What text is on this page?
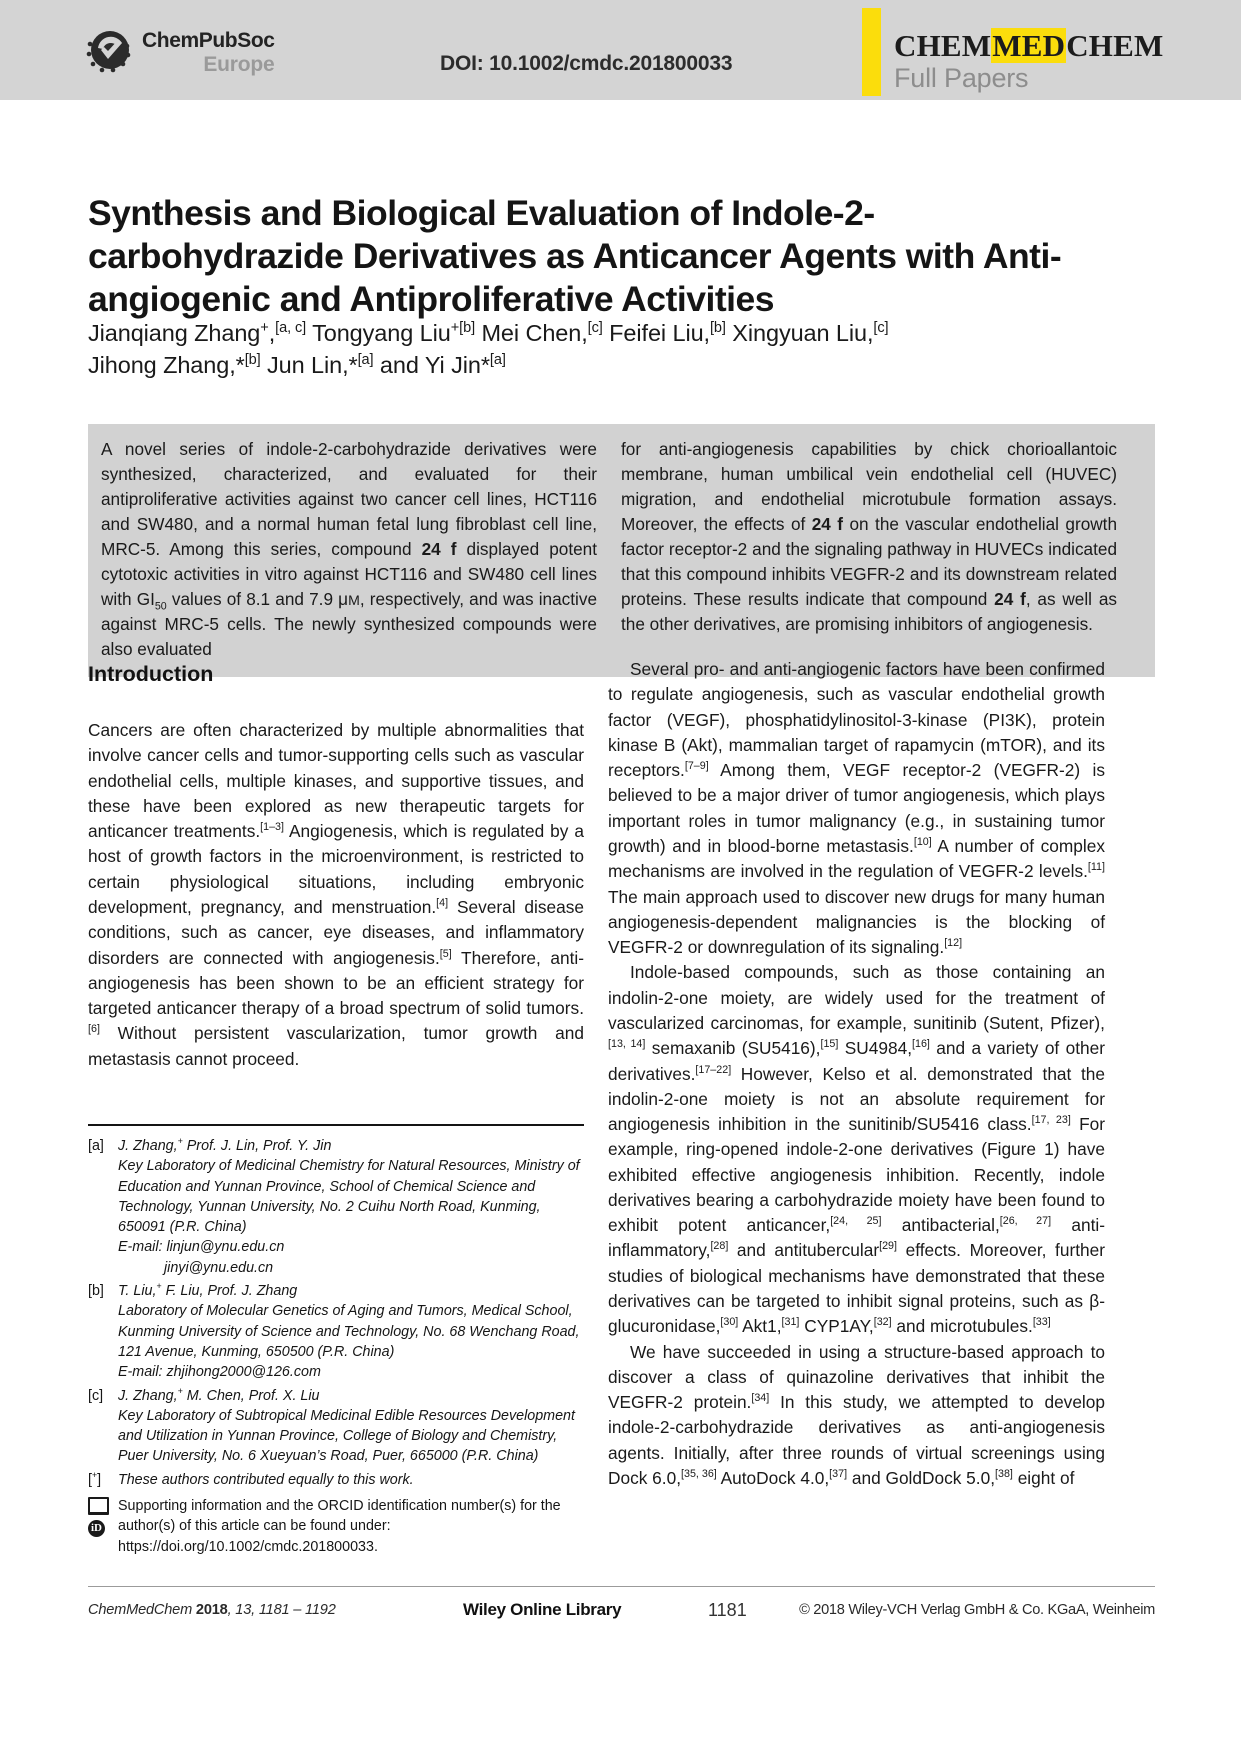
ChemPubSoc
Europe	DOI: 10.1002/cmdc.201800033
CHEMMEDCHEM
Full Papers
Synthesis and Biological Evaluation of Indole-2-carbohydrazide Derivatives as Anticancer Agents with Anti-angiogenic and Antiproliferative Activities
Jianqiang Zhang+,[a, c] Tongyang Liu$^{+[b]}$ Mei Chen,[c] Feifei Liu,[b] Xingyuan Liu,[c]
Jihong Zhang,*[b] Jun Lin,*[a] and Yi Jin*[a]
A novel series of indole-2-carbohydrazide derivatives were synthesized, characterized, and evaluated for their antiproliferative activities against two cancer cell lines, HCT116 and SW480, and a normal human fetal lung fibroblast cell line, MRC-5. Among this series, compound 24 f displayed potent cytotoxic activities in vitro against HCT116 and SW480 cell lines with $GI_{50}$ values of 8.1 and 7.9 μM, respectively, and was inactive against MRC-5 cells. The newly synthesized compounds were also evaluated
for anti-angiogenesis capabilities by chick chorioallantoic membrane, human umbilical vein endothelial cell (HUVEC) migration, and endothelial microtubule formation assays. Moreover, the effects of 24 f on the vascular endothelial growth factor receptor-2 and the signaling pathway in HUVECs indicated that this compound inhibits VEGFR-2 and its downstream related proteins. These results indicate that compound 24 f, as well as the other derivatives, are promising inhibitors of angiogenesis.
Introduction

Cancers are often characterized by multiple abnormalities that involve cancer cells and tumor-supporting cells such as vascular endothelial cells, multiple kinases, and supportive tissues, and these have been explored as new therapeutic targets for anticancer treatments.[1–3] Angiogenesis, which is regulated by a host of growth factors in the microenvironment, is restricted to certain physiological situations, including embryonic development, pregnancy, and menstruation.[4] Several disease conditions, such as cancer, eye diseases, and inflammatory disorders are connected with angiogenesis.[5] Therefore, anti-angiogenesis has been shown to be an efficient strategy for targeted anticancer therapy of a broad spectrum of solid tumors.[6] Without persistent vascularization, tumor growth and metastasis cannot proceed.

Several pro- and anti-angiogenic factors have been confirmed to regulate angiogenesis, such as vascular endothelial growth factor (VEGF), phosphatidylinositol-3-kinase (PI3K), protein kinase B (Akt), mammalian target of rapamycin (mTOR), and its receptors.[7–9] Among them, VEGF receptor-2 (VEGFR-2) is believed to be a major driver of tumor angiogenesis, which plays important roles in tumor malignancy (e.g., in sustaining tumor growth) and in blood-borne metastasis.[10] A number of complex mechanisms are involved in the regulation of VEGFR-2 levels.[11] The main approach used to discover new drugs for many human angiogenesis-dependent malignancies is the blocking of VEGFR-2 or downregulation of its signaling.[12]

Indole-based compounds, such as those containing an indolin-2-one moiety, are widely used for the treatment of vascularized carcinomas, for example, sunitinib (Sutent, Pfizer),[13, 14] semaxanib (SU5416),[15] SU4984,[16] and a variety of other derivatives.[17–22] However, Kelso et al. demonstrated that the indolin-2-one moiety is not an absolute requirement for angiogenesis inhibition in the sunitinib/SU5416 class.[17, 23] For example, ring-opened indole-2-one derivatives (Figure 1) have exhibited effective angiogenesis inhibition. Recently, indole derivatives bearing a carbohydrazide moiety have been found to exhibit potent anticancer,[24, 25] antibacterial,[26, 27] anti-inflammatory,[28] and antitubercular[29] effects. Moreover, further studies of biological mechanisms have demonstrated that these derivatives can be targeted to inhibit signal proteins, such as β-glucuronidase,[30] Akt1,[31] CYP1AY,[32] and microtubules.[33]

We have succeeded in using a structure-based approach to discover a class of quinazoline derivatives that inhibit the VEGFR-2 protein.[34] In this study, we attempted to develop indole-2-carbohydrazide derivatives as anti-angiogenesis agents. Initially, after three rounds of virtual screenings using Dock 6.0,[35, 36] AutoDock 4.0,[37] and GoldDock 5.0,[38] eight of

[a] J. Zhang,+ Prof. J. Lin, Prof. Y. Jin
Key Laboratory of Medicinal Chemistry for Natural Resources, Ministry of Education and Yunnan Province, School of Chemical Science and Technology, Yunnan University, No. 2 Cuihu North Road, Kunming, 650091 (P.R. China)
E-mail: linjun@ynu.edu.cn
jinyi@ynu.edu.cn
[b] T. Liu,+ F. Liu, Prof. J. Zhang
Laboratory of Molecular Genetics of Aging and Tumors, Medical School, Kunming University of Science and Technology, No. 68 Wenchang Road, 121 Avenue, Kunming, 650500 (P.R. China)
E-mail: zhjihong2000@126.com
[c]	J. Zhang,+ M. Chen, Prof. X. Liu
Key Laboratory of Subtropical Medicinal Edible Resources Development and Utilization in Yunnan Province, College of Biology and Chemistry, Puer University, No. 6 Xueyuan’s Road, Puer, 665000 (P.R. China)
[+]	These authors contributed equally to this work.
iD
Supporting information and the ORCID identification number(s) for the
author(s) of this article can be found under:
https://doi.org/10.1002/cmdc.201800033.
ChemMedChem 2018, 13, 1181 – 1192	Wiley Online Library	1181	© 2018 Wiley-VCH Verlag GmbH & Co. KGaA, Weinheim
